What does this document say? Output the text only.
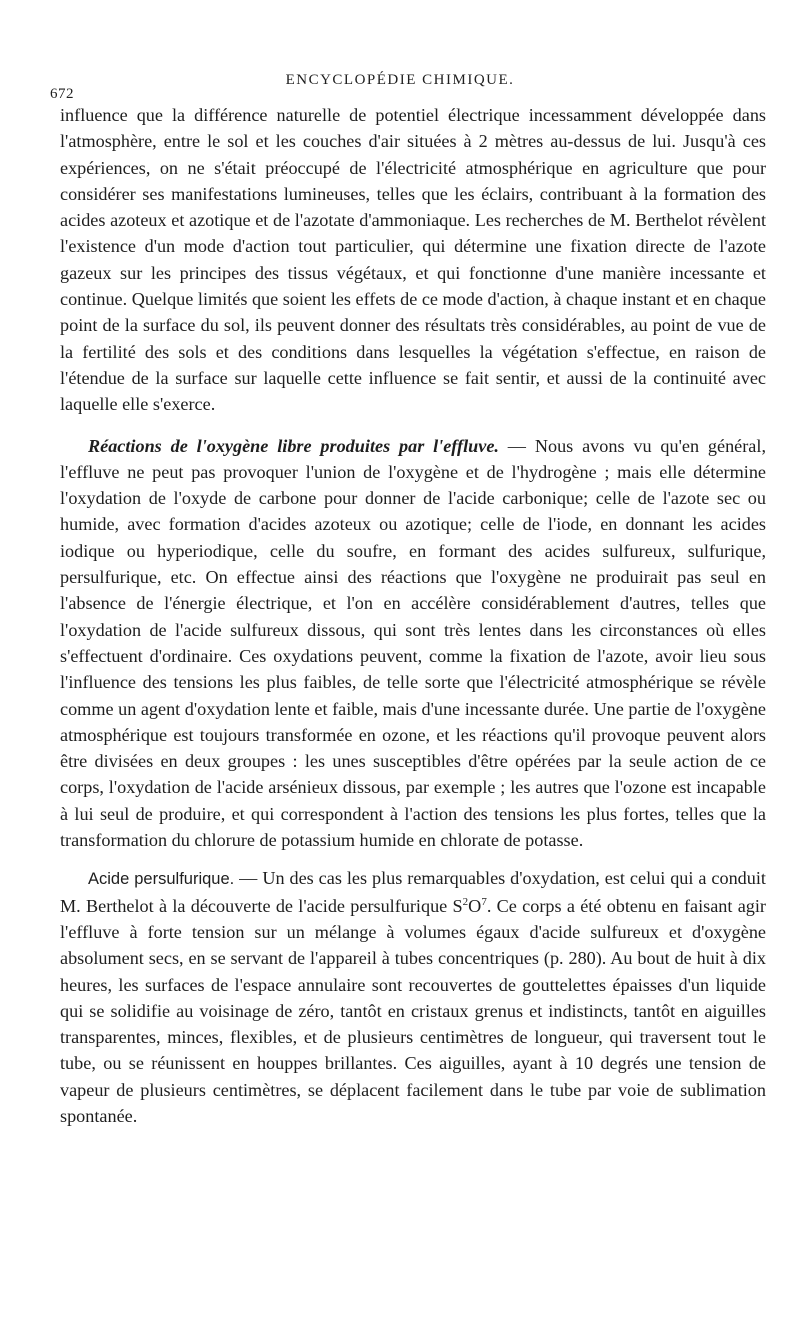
672
ENCYCLOPÉDIE CHIMIQUE.

influence que la différence naturelle de potentiel électrique incessamment développée dans l'atmosphère, entre le sol et les couches d'air situées à 2 mètres au-dessus de lui. Jusqu'à ces expériences, on ne s'était préoccupé de l'électricité atmosphérique en agriculture que pour considérer ses manifestations lumineuses, telles que les éclairs, contribuant à la formation des acides azoteux et azotique et de l'azotate d'ammoniaque. Les recherches de M. Berthelot révèlent l'existence d'un mode d'action tout particulier, qui détermine une fixation directe de l'azote gazeux sur les principes des tissus végétaux, et qui fonctionne d'une manière incessante et continue. Quelque limités que soient les effets de ce mode d'action, à chaque instant et en chaque point de la surface du sol, ils peuvent donner des résultats très considérables, au point de vue de la fertilité des sols et des conditions dans lesquelles la végétation s'effectue, en raison de l'étendue de la surface sur laquelle cette influence se fait sentir, et aussi de la continuité avec laquelle elle s'exerce.

Réactions de l'oxygène libre produites par l'effluve. — Nous avons vu qu'en général, l'effluve ne peut pas provoquer l'union de l'oxygène et de l'hydrogène ; mais elle détermine l'oxydation de l'oxyde de carbone pour donner de l'acide carbonique; celle de l'azote sec ou humide, avec formation d'acides azoteux ou azotique; celle de l'iode, en donnant les acides iodique ou hyperiodique, celle du soufre, en formant des acides sulfureux, sulfurique, persulfurique, etc. On effectue ainsi des réactions que l'oxygène ne produirait pas seul en l'absence de l'énergie électrique, et l'on en accélère considérablement d'autres, telles que l'oxydation de l'acide sulfureux dissous, qui sont très lentes dans les circonstances où elles s'effectuent d'ordinaire. Ces oxydations peuvent, comme la fixation de l'azote, avoir lieu sous l'influence des tensions les plus faibles, de telle sorte que l'électricité atmosphérique se révèle comme un agent d'oxydation lente et faible, mais d'une incessante durée. Une partie de l'oxygène atmosphérique est toujours transformée en ozone, et les réactions qu'il provoque peuvent alors être divisées en deux groupes : les unes susceptibles d'être opérées par la seule action de ce corps, l'oxydation de l'acide arsénieux dissous, par exemple ; les autres que l'ozone est incapable à lui seul de produire, et qui correspondent à l'action des tensions les plus fortes, telles que la transformation du chlorure de potassium humide en chlorate de potasse.

Acide persulfurique. — Un des cas les plus remarquables d'oxydation, est celui qui a conduit M. Berthelot à la découverte de l'acide persulfurique $S^2O^7$. Ce corps a été obtenu en faisant agir l'effluve à forte tension sur un mélange à volumes égaux d'acide sulfureux et d'oxygène absolument secs, en se servant de l'appareil à tubes concentriques (p. 280). Au bout de huit à dix heures, les surfaces de l'espace annulaire sont recouvertes de gouttelettes épaisses d'un liquide qui se solidifie au voisinage de zéro, tantôt en cristaux grenus et indistincts, tantôt en aiguilles transparentes, minces, flexibles, et de plusieurs centimètres de longueur, qui traversent tout le tube, ou se réunissent en houppes brillantes. Ces aiguilles, ayant à 10 degrés une tension de vapeur de plusieurs centimètres, se déplacent facilement dans le tube par voie de sublimation spontanée.
